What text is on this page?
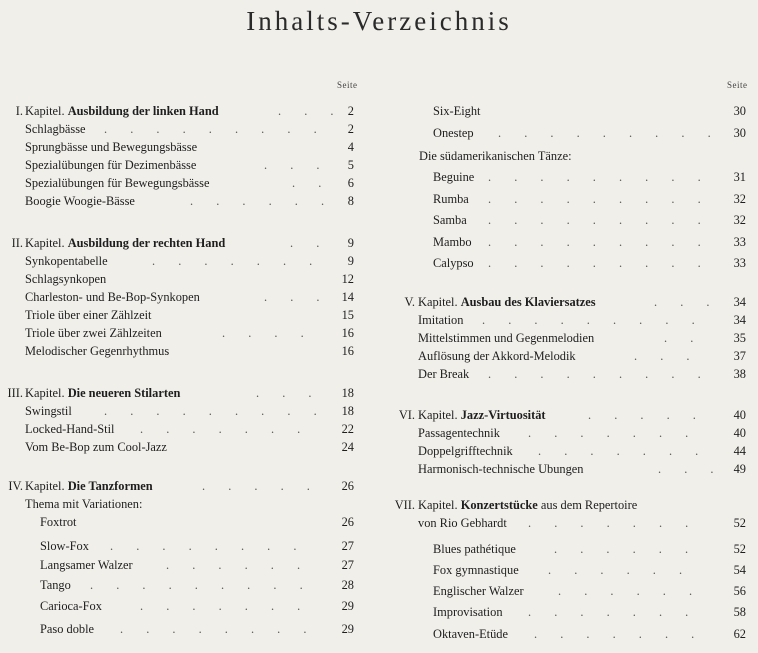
Inhalts-Verzeichnis
Seite	Seite
I. Kapitel. Ausbildung der linken Hand	. . . 2
Schlagbässe . . . . . . . . .	2
Sprungbässe und Bewegungsbässe	4
Spezialübungen für Dezimenbässe	. . .	5
Spezialübungen für Bewegungsbässe	. .	6
Boogie Woogie-Bässe	. . . . . .	8
II. Kapitel. Ausbildung der rechten Hand	. .	9
Synkopentabelle	. . . . . . .	9
Schlagsynkopen	12
Charleston- und Be-Bop-Synkopen	. . . 14
Triole über einer Zählzeit	15
Triole über zwei Zählzeiten	. . . .	16
Melodischer Gegenrhythmus	16
III. Kapitel. Die neueren Stilarten	. . .	18
Swingstil	. . . . . . . . .	18
Locked-Hand-Stil . . . . . . .	22
Vom Be-Bop zum Cool-Jazz	24
IV. Kapitel. Die Tanzformen	. . . . .	26
Thema mit Variationen:
Foxtrot	26
Slow-Fox . . . . . . . .	27
Langsamer Walzer	. . . . . .	27
Tango . . . . . . . . .	28
Carioca-Fox	. . . . . . .	29
Paso doble . . . . . . . .	29
Six-Eight	30
Onestep . . . . . . . . .	30
Die südamerikanischen Tänze:
Beguine . . . . . . . . .	31
Rumba . . . . . . . . .	32
Samba . . . . . . . . .	32
Mambo . . . . . . . . .	33
Calypso . . . . . . . . .	33
V. Kapitel. Ausbau des Klaviersatzes	. . .	34
Imitation . . . . . . . . .	34
Mittelstimmen und Gegenmelodien	. .	35
Auflösung der Akkord-Melodik	. . .	37
Der Break . . . . . . . . .	38
VI. Kapitel. Jazz-Virtuosität	. . . . .	40
Passagentechnik . . . . . . .	40
Doppelgrifftechnik . . . . . . .	44
Harmonisch-technische Ubungen	. . . 49
VII. Kapitel. Konzertstücke aus dem Repertoire
von Rio Gebhardt . . . . . . .	52
Blues pathétique	. . . . . .	52
Fox gymnastique . . . . . .	54
Englischer Walzer	. . . . . .	56
Improvisation . . . . . . .	58
Oktaven-Etüde . . . . . . .	62
